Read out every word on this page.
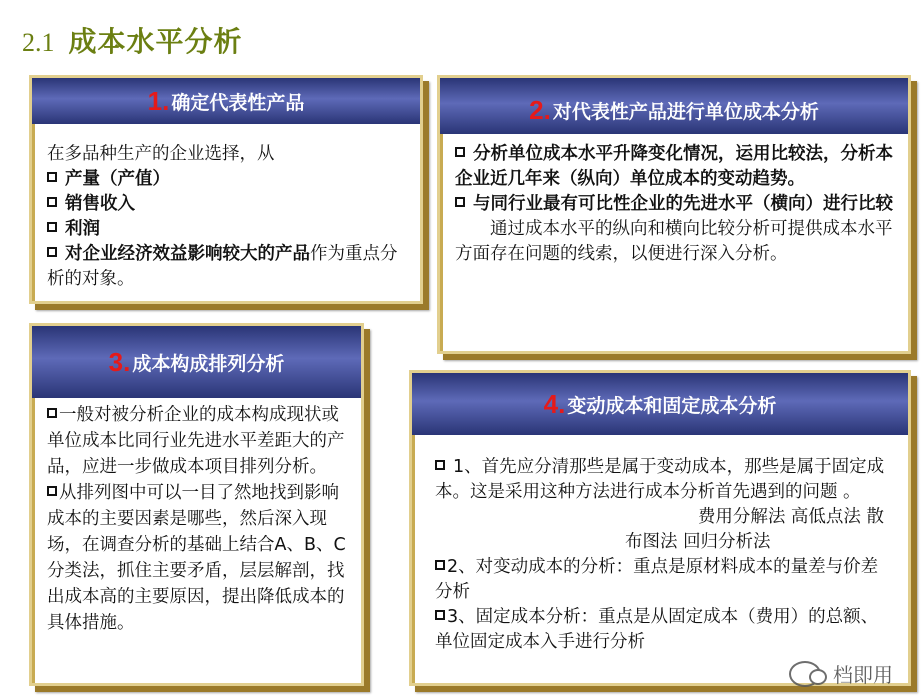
2.1 成本水平分析
1. 确定代表性产品
在多品种生产的企业选择，从
产量（产值）
销售收入
利润
对企业经济效益影响较大的产品作为重点分析的对象。
2. 对代表性产品进行单位成本分析
分析单位成本水平升降变化情况，运用比较法，分析本企业近几年来（纵向）单位成本的变动趋势。
与同行业最有可比性企业的先进水平（横向）进行比较
通过成本水平的纵向和横向比较分析可提供成本水平方面存在问题的线索，以便进行深入分析。
3. 成本构成排列分析
一般对被分析企业的成本构成现状或单位成本比同行业先进水平差距大的产品，应进一步做成本项目排列分析。
从排列图中可以一目了然地找到影响成本的主要因素是哪些，然后深入现场，在调查分析的基础上结合A、B、C分类法，抓住主要矛盾，层层解剖，找出成本高的主要原因，提出降低成本的具体措施。
4. 变动成本和固定成本分析
1、首先应分清那些是属于变动成本，那些是属于固定成本。这是采用这种方法进行成本分析首先遇到的问题 。
费用分解法 高低点法 散
布图法 回归分析法
2、对变动成本的分析：重点是原材料成本的量差与价差分析
3、固定成本分析：重点是从固定成本（费用）的总额、单位固定成本入手进行分析
档即用
